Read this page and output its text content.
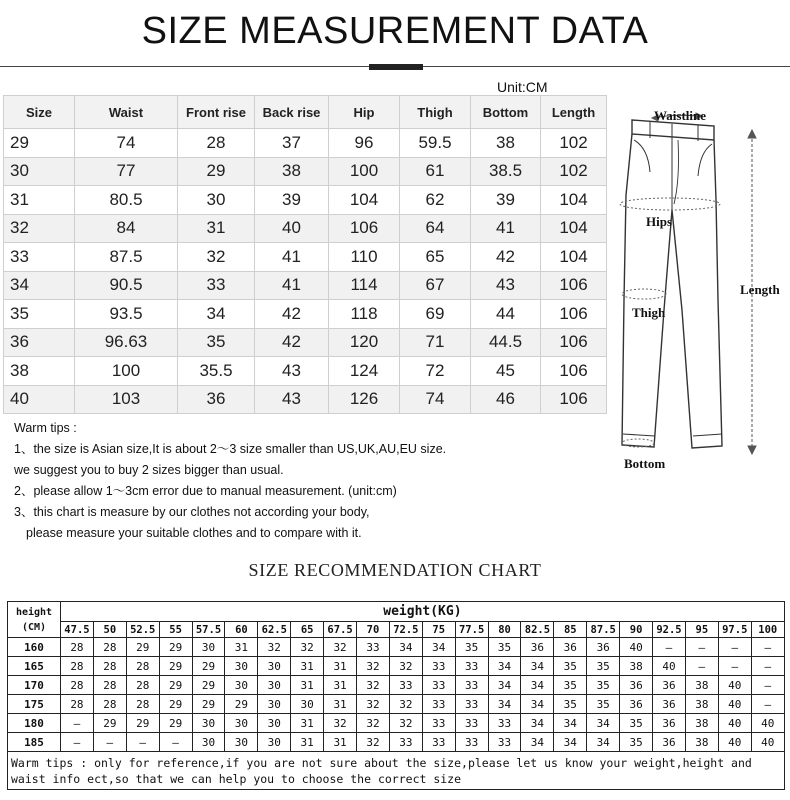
SIZE MEASUREMENT DATA
Unit:CM
Size	Waist	Front rise	Back rise	Hip	Thigh	Bottom	Length
29	74	28	37	96	59.5	38	102
30	77	29	38	100	61	38.5	102
31	80.5	30	39	104	62	39	104
32	84	31	40	106	64	41	104
33	87.5	32	41	110	65	42	104
34	90.5	33	41	114	67	43	106
35	93.5	34	42	118	69	44	106
36	96.63	35	42	120	71	44.5	106
38	100	35.5	43	124	72	45	106
40	103	36	43	126	74	46	106
Warm tips :
1、the size is Asian size,It is about 2～3 size smaller than US,UK,AU,EU size.
we suggest you to buy 2 sizes bigger than usual.
2、please allow 1～3cm error due to manual measurement. (unit:cm)
3、this chart is measure by our clothes not according your body,
please measure your suitable clothes and to compare with it.
Waistline
Hips
Length
Thigh
Bottom
SIZE RECOMMENDATION CHART
height
(CM)	weight(KG)																					
	47.5	50	52.5	55	57.5	60	62.5	65	67.5	70	72.5	75	77.5	80	82.5	85	87.5	90	92.5	95	97.5	100
160	28	28	29	29	30	31	32	32	32	33	34	34	35	35	36	36	36	40	—	—	—	—
165	28	28	28	29	29	30	30	31	31	32	32	33	33	34	34	35	35	38	40	—	—	—
170	28	28	28	29	29	30	30	31	31	32	33	33	33	34	34	35	35	36	36	38	40	—
175	28	28	28	29	29	29	30	30	31	32	32	33	33	34	34	35	35	36	36	38	40	—
180	—	29	29	29	30	30	30	31	32	32	32	33	33	33	34	34	34	35	36	38	40	40
185	—	—	—	—	30	30	30	31	31	32	33	33	33	33	34	34	34	35	36	38	40	40
Warm tips : only for reference,if you are not sure about the size,please let us know your weight,height and waist info ect,so that we can help you to choose the correct size																						
